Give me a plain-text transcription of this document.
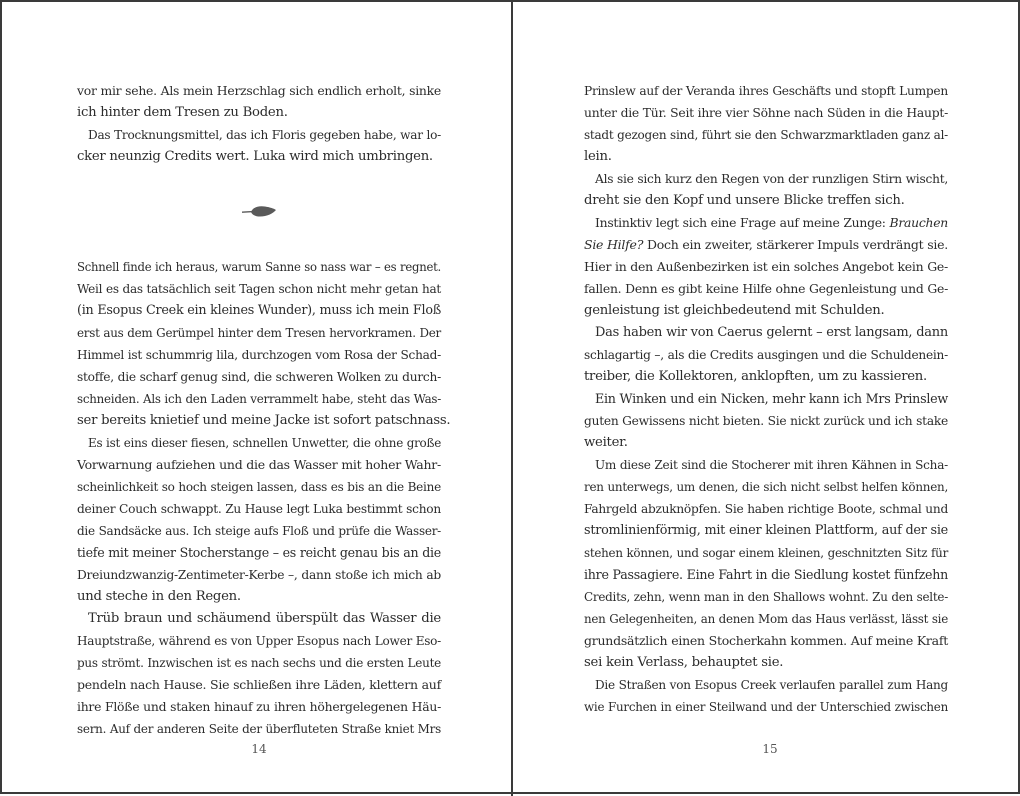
vor mir sehe. Als mein Herzschlag sich endlich erholt, sinke
ich hinter dem Tresen zu Boden.
Das Trocknungsmittel, das ich Floris gegeben habe, war lo-
cker neunzig Credits wert. Luka wird mich umbringen.
Schnell finde ich heraus, warum Sanne so nass war – es regnet.
Weil es das tatsächlich seit Tagen schon nicht mehr getan hat
(in Esopus Creek ein kleines Wunder), muss ich mein Floß
erst aus dem Gerümpel hinter dem Tresen hervorkramen. Der
Himmel ist schummrig lila, durchzogen vom Rosa der Schad-
stoffe, die scharf genug sind, die schweren Wolken zu durch-
schneiden. Als ich den Laden verrammelt habe, steht das Was-
ser bereits knietief und meine Jacke ist sofort patschnass.
Es ist eins dieser fiesen, schnellen Unwetter, die ohne große
Vorwarnung aufziehen und die das Wasser mit hoher Wahr-
scheinlichkeit so hoch steigen lassen, dass es bis an die Beine
deiner Couch schwappt. Zu Hause legt Luka bestimmt schon
die Sandsäcke aus. Ich steige aufs Floß und prüfe die Wasser-
tiefe mit meiner Stocherstange – es reicht genau bis an die
Dreiundzwanzig-Zentimeter-Kerbe –, dann stoße ich mich ab
und steche in den Regen.
Trüb braun und schäumend überspült das Wasser die
Hauptstraße, während es von Upper Esopus nach Lower Eso-
pus strömt. Inzwischen ist es nach sechs und die ersten Leute
pendeln nach Hause. Sie schließen ihre Läden, klettern auf
ihre Flöße und staken hinauf zu ihren höhergelegenen Häu-
sern. Auf der anderen Seite der überfluteten Straße kniet Mrs
14
Prinslew auf der Veranda ihres Geschäfts und stopft Lumpen
unter die Tür. Seit ihre vier Söhne nach Süden in die Haupt-
stadt gezogen sind, führt sie den Schwarzmarktladen ganz al-
lein.
Als sie sich kurz den Regen von der runzligen Stirn wischt,
dreht sie den Kopf und unsere Blicke treffen sich.
Instinktiv legt sich eine Frage auf meine Zunge: Brauchen
Sie Hilfe? Doch ein zweiter, stärkerer Impuls verdrängt sie.
Hier in den Außenbezirken ist ein solches Angebot kein Ge-
fallen. Denn es gibt keine Hilfe ohne Gegenleistung und Ge-
genleistung ist gleichbedeutend mit Schulden.
Das haben wir von Caerus gelernt – erst langsam, dann
schlagartig –, als die Credits ausgingen und die Schuldenein-
treiber, die Kollektoren, anklopften, um zu kassieren.
Ein Winken und ein Nicken, mehr kann ich Mrs Prinslew
guten Gewissens nicht bieten. Sie nickt zurück und ich stake
weiter.
Um diese Zeit sind die Stocherer mit ihren Kähnen in Scha-
ren unterwegs, um denen, die sich nicht selbst helfen können,
Fahrgeld abzuknöpfen. Sie haben richtige Boote, schmal und
stromlinienförmig, mit einer kleinen Plattform, auf der sie
stehen können, und sogar einem kleinen, geschnitzten Sitz für
ihre Passagiere. Eine Fahrt in die Siedlung kostet fünfzehn
Credits, zehn, wenn man in den Shallows wohnt. Zu den selte-
nen Gelegenheiten, an denen Mom das Haus verlässt, lässt sie
grundsätzlich einen Stocherkahn kommen. Auf meine Kraft
sei kein Verlass, behauptet sie.
Die Straßen von Esopus Creek verlaufen parallel zum Hang
wie Furchen in einer Steilwand und der Unterschied zwischen
15
